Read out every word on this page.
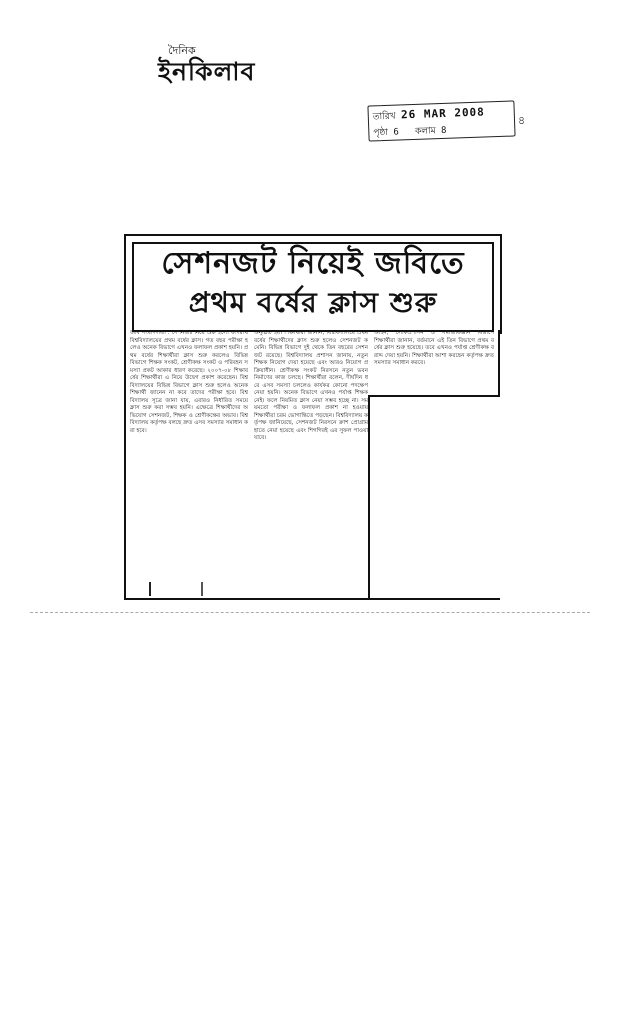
দৈনিক
ইনকিলাব
তারিখ 26 MAR 2008
পৃষ্ঠা 6 কলাম 8
৪
সেশনজট নিয়েই জবিতে
প্রথম বর্ষের ক্লাস শুরু
জবি সংবাদদাতা : সেশনজট নিয়ে শুরু হলো জগন্নাথ বিশ্ববিদ্যালয়ের প্রথম বর্ষের ক্লাস। গত বছর পরীক্ষা হলেও অনেক বিভাগে এখনও ফলাফল প্রকাশ হয়নি। প্রথম বর্ষের শিক্ষার্থীরা ক্লাস শুরু করলেও বিভিন্ন বিভাগে শিক্ষক সংকট, শ্রেণীকক্ষ সংকট ও পরিবহন সমস্যা প্রকট আকার ধারণ করেছে। ২০০৭-০৮ শিক্ষাবর্ষের শিক্ষার্থীরা এ নিয়ে উদ্বেগ প্রকাশ করেছেন। বিশ্ববিদ্যালয়ের বিভিন্ন বিভাগে ক্লাস শুরু হলেও অনেক শিক্ষার্থী জানেন না কবে তাদের পরীক্ষা হবে। বিশ্ববিদ্যালয় সূত্রে জানা যায়, এবারও নির্ধারিত সময়ে ক্লাস শুরু করা সম্ভব হয়নি। এক্ষেত্রে শিক্ষার্থীদের অভিযোগ সেশনজট, শিক্ষক ও শ্রেণীকক্ষের অভাব। বিশ্ববিদ্যালয় কর্তৃপক্ষ বলছে দ্রুত এসব সমস্যার সমাধান করা হবে।
অনুষ্ঠিত হয়। শিক্ষার্থীরা জানান, বিশ্ববিদ্যালয়ে প্রথম বর্ষের শিক্ষার্থীদের ক্লাস শুরু হলেও সেশনজট কমেনি। বিভিন্ন বিভাগে দুই থেকে তিন বছরের সেশনজট রয়েছে। বিশ্ববিদ্যালয় প্রশাসন জানায়, নতুন শিক্ষক নিয়োগ দেয়া হয়েছে এবং আরও নিয়োগ প্রক্রিয়াধীন। শ্রেণীকক্ষ সংকট নিরসনে নতুন ভবন নির্মাণের কাজ চলছে। শিক্ষার্থীরা বলেন, দীর্ঘদিন ধরে এসব সমস্যা চললেও কার্যকর কোনো পদক্ষেপ নেয়া হয়নি। অনেক বিভাগে এখনও পর্যাপ্ত শিক্ষক নেই। ফলে নিয়মিত ক্লাস নেয়া সম্ভব হচ্ছে না। সময়মতো পরীক্ষা ও ফলাফল প্রকাশ না হওয়ায় শিক্ষার্থীরা চরম ভোগান্তিতে পড়ছেন। বিশ্ববিদ্যালয় কর্তৃপক্ষ জানিয়েছে, সেশনজট নিরসনে ক্রাশ প্রোগ্রাম হাতে নেয়া হয়েছে এবং শিগগিরই এর সুফল পাওয়া যাবে।
আইন, লোকপ্রশাসন ও সমাজবিজ্ঞান বিভাগে শিক্ষার্থীরা জানান, বর্তমানে এই তিন বিভাগে প্রথম বর্ষের ক্লাস শুরু হয়েছে। তবে এখনও পর্যাপ্ত শ্রেণীকক্ষ বরাদ্দ দেয়া হয়নি। শিক্ষার্থীরা আশা করছেন কর্তৃপক্ষ দ্রুত সমস্যার সমাধান করবে।
